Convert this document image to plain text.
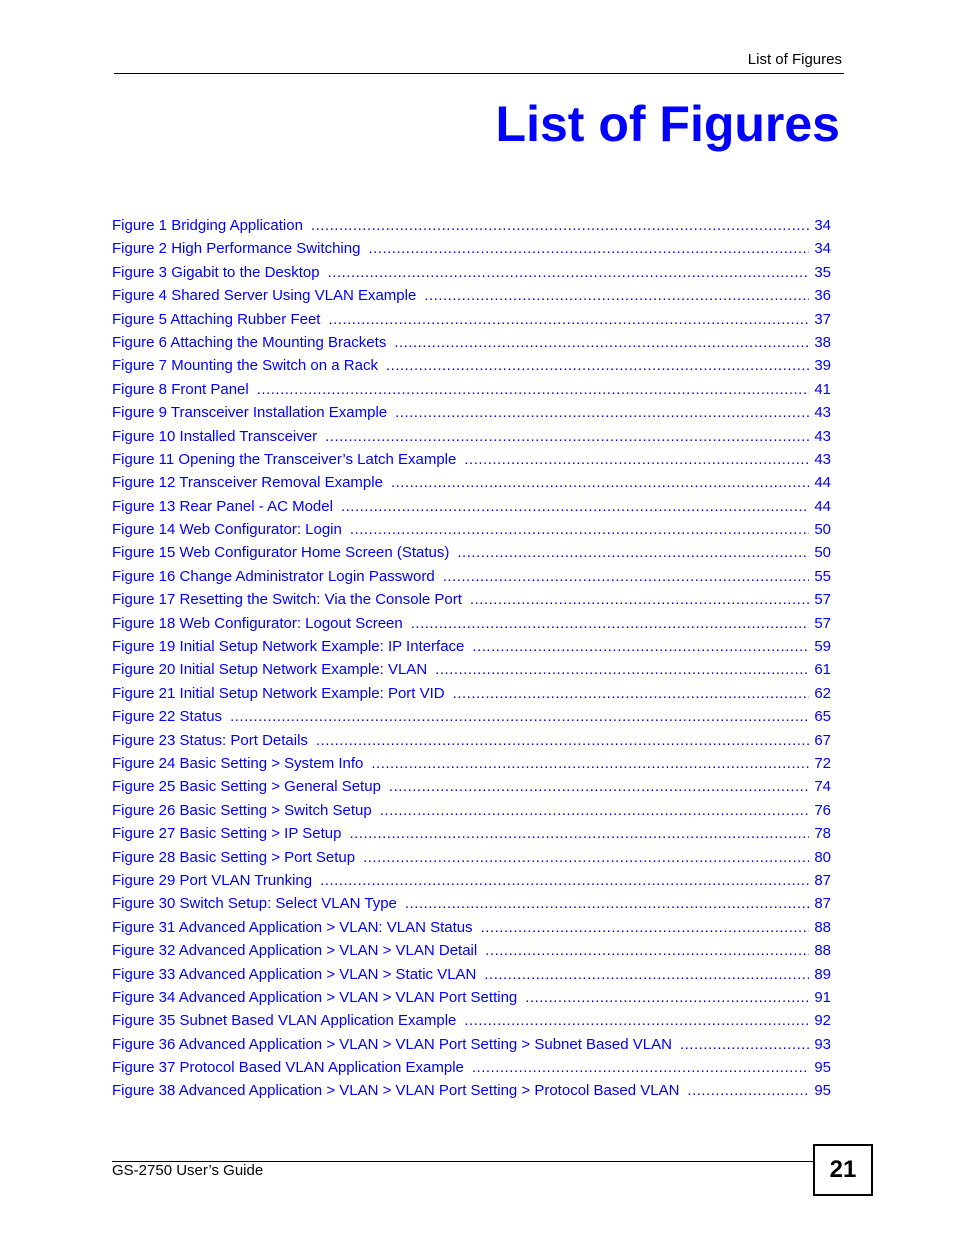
List of Figures
List of Figures
Figure 1 Bridging Application .....	34
Figure 2 High Performance Switching .....	34
Figure 3 Gigabit to the Desktop .....	35
Figure 4 Shared Server Using VLAN Example .....	36
Figure 5 Attaching Rubber Feet .....	37
Figure 6 Attaching the Mounting Brackets .....	38
Figure 7 Mounting the Switch on a Rack .....	39
Figure 8 Front Panel .....	41
Figure 9 Transceiver Installation Example .....	43
Figure 10 Installed Transceiver .....	43
Figure 11 Opening the Transceiver’s Latch Example .....	43
Figure 12 Transceiver Removal Example .....	44
Figure 13 Rear Panel - AC Model .....	44
Figure 14 Web Configurator: Login .....	50
Figure 15 Web Configurator Home Screen (Status) .....	50
Figure 16 Change Administrator Login Password .....	55
Figure 17 Resetting the Switch: Via the Console Port .....	57
Figure 18 Web Configurator: Logout Screen .....	57
Figure 19 Initial Setup Network Example: IP Interface .....	59
Figure 20 Initial Setup Network Example: VLAN .....	61
Figure 21 Initial Setup Network Example: Port VID .....	62
Figure 22 Status .....	65
Figure 23 Status: Port Details .....	67
Figure 24 Basic Setting > System Info .....	72
Figure 25 Basic Setting > General Setup .....	74
Figure 26 Basic Setting > Switch Setup .....	76
Figure 27 Basic Setting > IP Setup .....	78
Figure 28 Basic Setting > Port Setup .....	80
Figure 29 Port VLAN Trunking .....	87
Figure 30 Switch Setup: Select VLAN Type .....	87
Figure 31 Advanced Application > VLAN: VLAN Status .....	88
Figure 32 Advanced Application > VLAN > VLAN Detail .....	88
Figure 33 Advanced Application > VLAN > Static VLAN .....	89
Figure 34 Advanced Application > VLAN > VLAN Port Setting .....	91
Figure 35 Subnet Based VLAN Application Example .....	92
Figure 36 Advanced Application > VLAN > VLAN Port Setting > Subnet Based VLAN .....	93
Figure 37 Protocol Based VLAN Application Example .....	95
Figure 38 Advanced Application > VLAN > VLAN Port Setting > Protocol Based VLAN .....	95
GS-2750 User’s Guide	21
